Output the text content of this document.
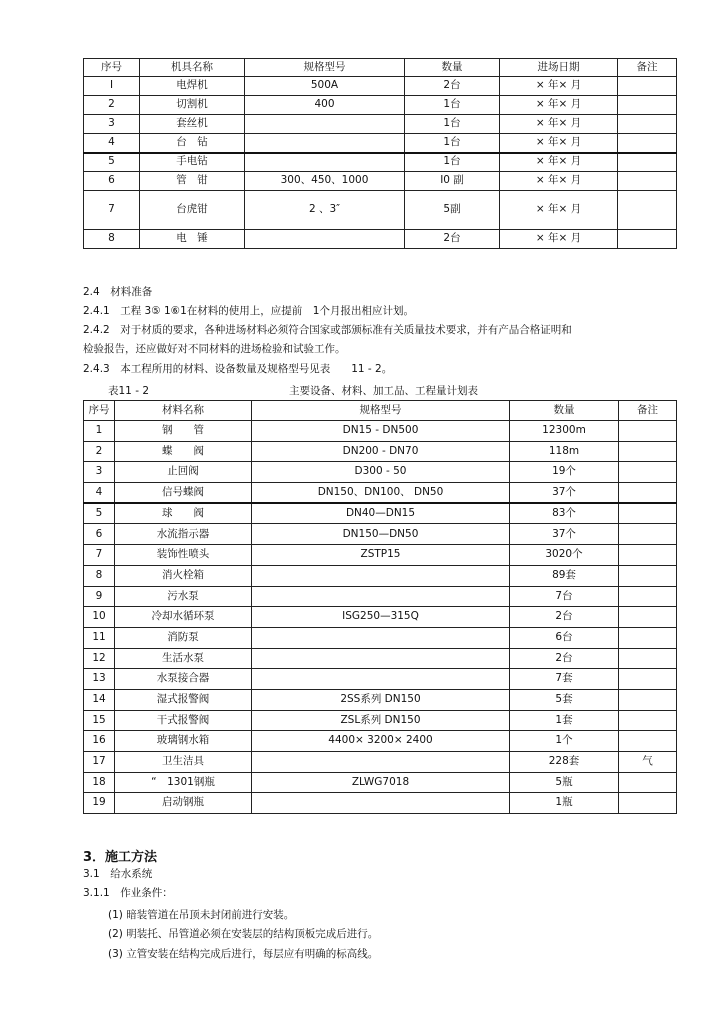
序号	机具名称	规格型号	数量	进场日期	备注
I	电焊机	500A	2台	× 年× 月	
2	切割机	400	1台	× 年× 月	
3	套丝机		1台	× 年× 月	
4	台　钻		1台	× 年× 月	
5	手电钻		1台	× 年× 月	
6	管　钳	300、450、1000	I0 副	× 年× 月	
7	台虎钳	2 、3″	5副	× 年× 月	
8	电　锤		2台	× 年× 月	
2.4　材料准备
2.4.1　工程 3⑤ 1⑥1在材料的使用上，应提前　1个月报出相应计划。
2.4.2　对于材质的要求，各种进场材料必须符合国家或部颁标准有关质量技术要求，并有产品合格证明和
检验报告，还应做好对不同材料的进场检验和试验工作。
2.4.3　本工程所用的材料、设备数量及规格型号见表　　11 - 2。
表11 - 2	主要设备、材料、加工品、工程量计划表
序号	材料名称	规格型号	数量	备注
1	钢　　管	DN15 - DN500	12300m	
2	蝶　　阀	DN200 - DN70	118m	
3	止回阀	D300 - 50	19个	
4	信号蝶阀	DN150、DN100、 DN50	37个	
5	球　　阀	DN40—DN15	83个	
6	水流指示器	DN150—DN50	37个	
7	装饰性喷头	ZSTP15	3020个	
8	消火栓箱		89套	
9	污水泵		7台	
10	冷却水循环泵	ISG250—315Q	2台	
11	消防泵		6台	
12	生活水泵		2台	
13	水泵接合器		7套	
14	湿式报警阀	2SS系列 DN150	5套	
15	干式报警阀	ZSL系列 DN150	1套	
16	玻璃钢水箱	4400× 3200× 2400	1个	
17	卫生洁具		228套	气
18	“　1301钢瓶	ZLWG7018	5瓶	
19	启动钢瓶		1瓶	
3．施工方法
3.1　给水系统
3.1.1　作业条件：
(1) 暗装管道在吊顶未封闭前进行安装。
(2) 明装托、吊管道必须在安装层的结构顶板完成后进行。
(3) 立管安装在结构完成后进行，每层应有明确的标高线。
